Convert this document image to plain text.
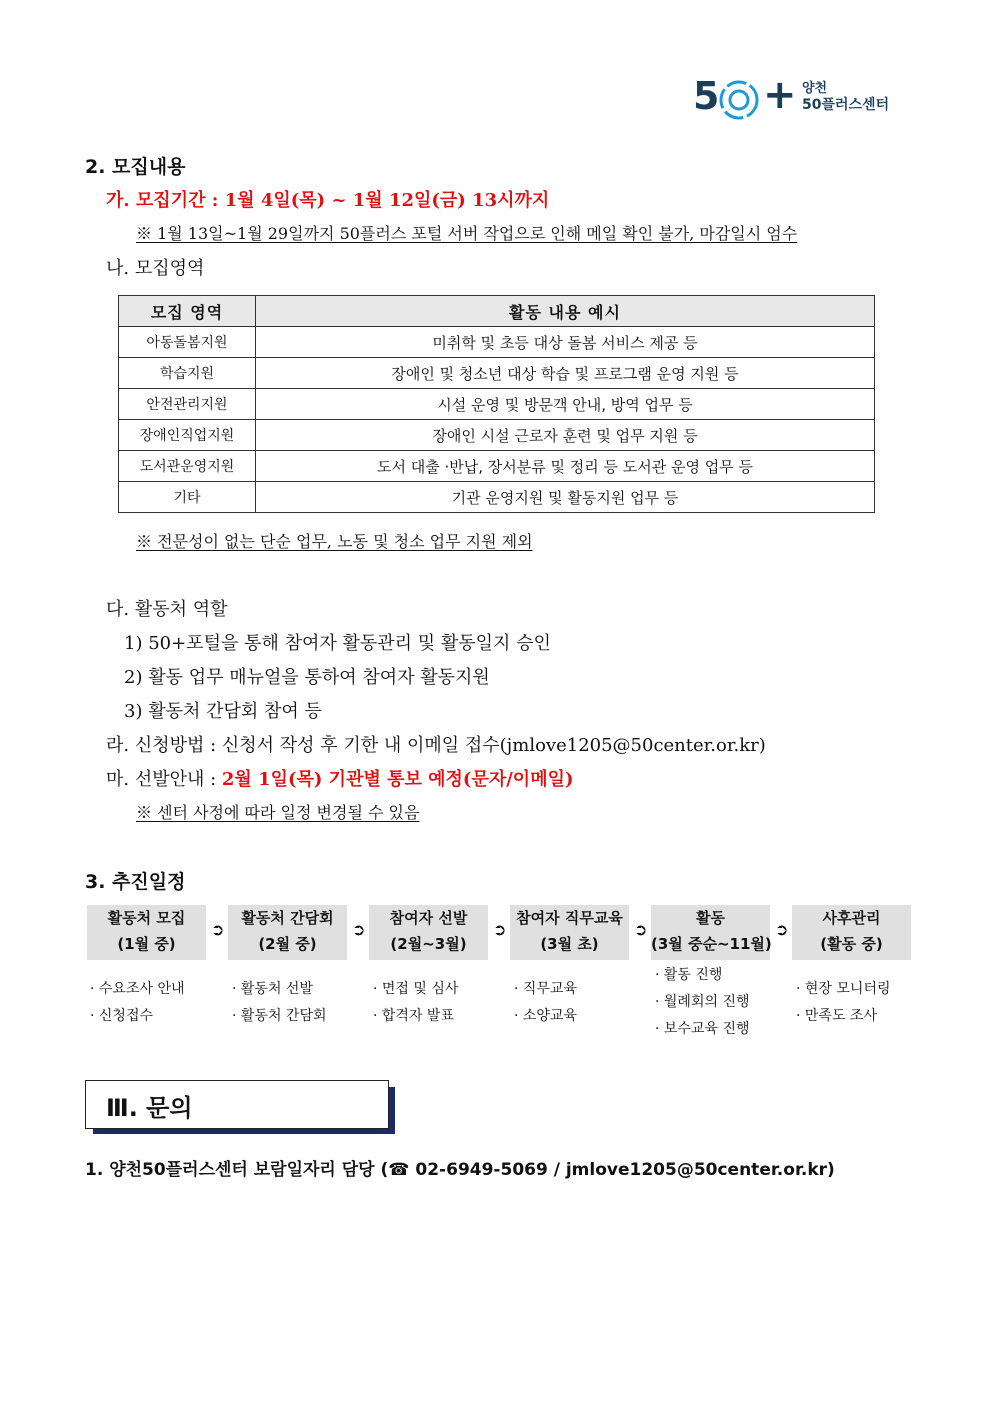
5 + 양천
50플러스센터
2. 모집내용
가. 모집기간 : 1월 4일(목) ~ 1월 12일(금) 13시까지
※ 1월 13일~1월 29일까지 50플러스 포털 서버 작업으로 인해 메일 확인 불가, 마감일시 엄수
나. 모집영역
모집 영역	활동 내용 예시
아동돌봄지원	미취학 및 초등 대상 돌봄 서비스 제공 등
학습지원	장애인 및 청소년 대상 학습 및 프로그램 운영 지원 등
안전관리지원	시설 운영 및 방문객 안내, 방역 업무 등
장애인직업지원	장애인 시설 근로자 훈련 및 업무 지원 등
도서관운영지원	도서 대출 ·반납, 장서분류 및 정리 등 도서관 운영 업무 등
기타	기관 운영지원 및 활동지원 업무 등
※ 전문성이 없는 단순 업무, 노동 및 청소 업무 지원 제외
다. 활동처 역할
1) 50+포털을 통해 참여자 활동관리 및 활동일지 승인
2) 활동 업무 매뉴얼을 통하여 참여자 활동지원
3) 활동처 간담회 참여 등
라. 신청방법 : 신청서 작성 후 기한 내 이메일 접수(jmlove1205@50center.or.kr)
마. 선발안내 : 2월 1일(목) 기관별 통보 예정(문자/이메일)
※ 센터 사정에 따라 일정 변경될 수 있음
3. 추진일정
활동처 모집
(1월 중)
➲
활동처 간담회
(2월 중)
➲
참여자 선발
(2월~3월)
➲
참여자 직무교육
(3월 초)
➲
활동
(3월 중순~11월)
➲
사후관리
(활동 중)
· 수요조사 안내
· 신청접수
· 활동처 선발
· 활동처 간담회
· 면접 및 심사
· 합격자 발표
· 직무교육
· 소양교육
· 활동 진행
· 월례회의 진행
· 보수교육 진행
· 현장 모니터링
· 만족도 조사
Ⅲ. 문의
1. 양천50플러스센터 보람일자리 담당 (☎ 02-6949-5069 / jmlove1205@50center.or.kr)
